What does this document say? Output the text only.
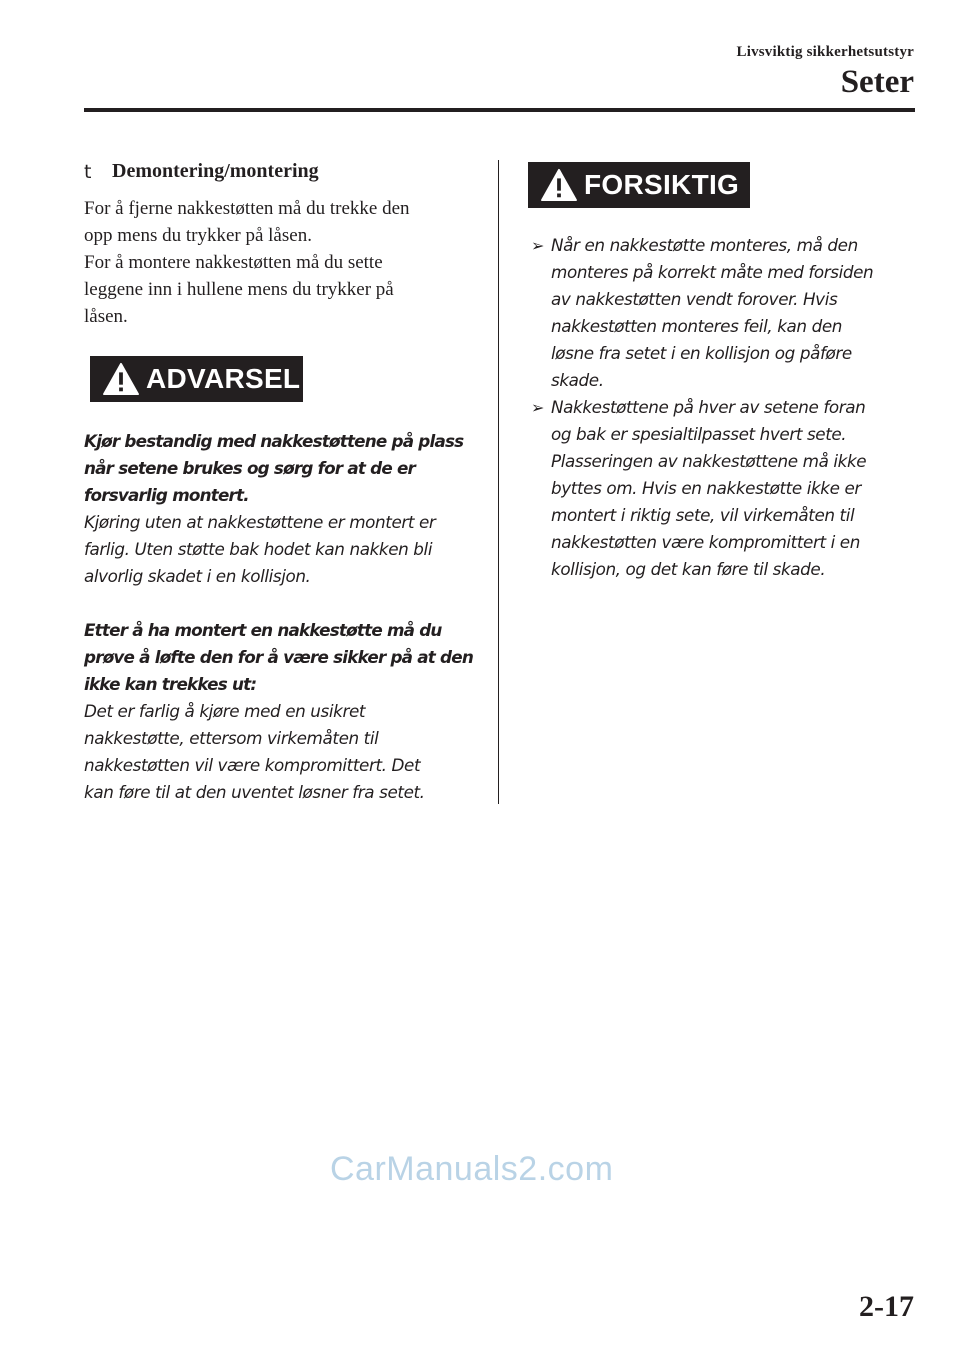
Livsviktig sikkerhetsutstyr
Seter
t	Demontering/montering

For å fjerne nakkestøtten må du trekke den
opp mens du trykker på låsen.
For å montere nakkestøtten må du sette
leggene inn i hullene mens du trykker på
låsen.

ADVARSEL

Kjør bestandig med nakkestøttene på plass
når setene brukes og sørg for at de er
forsvarlig montert.

Kjøring uten at nakkestøttene er montert er
farlig. Uten støtte bak hodet kan nakken bli
alvorlig skadet i en kollisjon.

Etter å ha montert en nakkestøtte må du
prøve å løfte den for å være sikker på at den
ikke kan trekkes ut:

Det er farlig å kjøre med en usikret
nakkestøtte, ettersom virkemåten til
nakkestøtten vil være kompromittert. Det
kan føre til at den uventet løsner fra setet.

FORSIKTIG
➢ Når en nakkestøtte monteres, må den
monteres på korrekt måte med forsiden
av nakkestøtten vendt forover. Hvis
nakkestøtten monteres feil, kan den
løsne fra setet i en kollisjon og påføre
skade.
➢ Nakkestøttene på hver av setene foran
og bak er spesialtilpasset hvert sete.
Plasseringen av nakkestøttene må ikke
byttes om. Hvis en nakkestøtte ikke er
montert i riktig sete, vil virkemåten til
nakkestøtten være kompromittert i en
kollisjon, og det kan føre til skade.
CarManuals2.com
2-17
